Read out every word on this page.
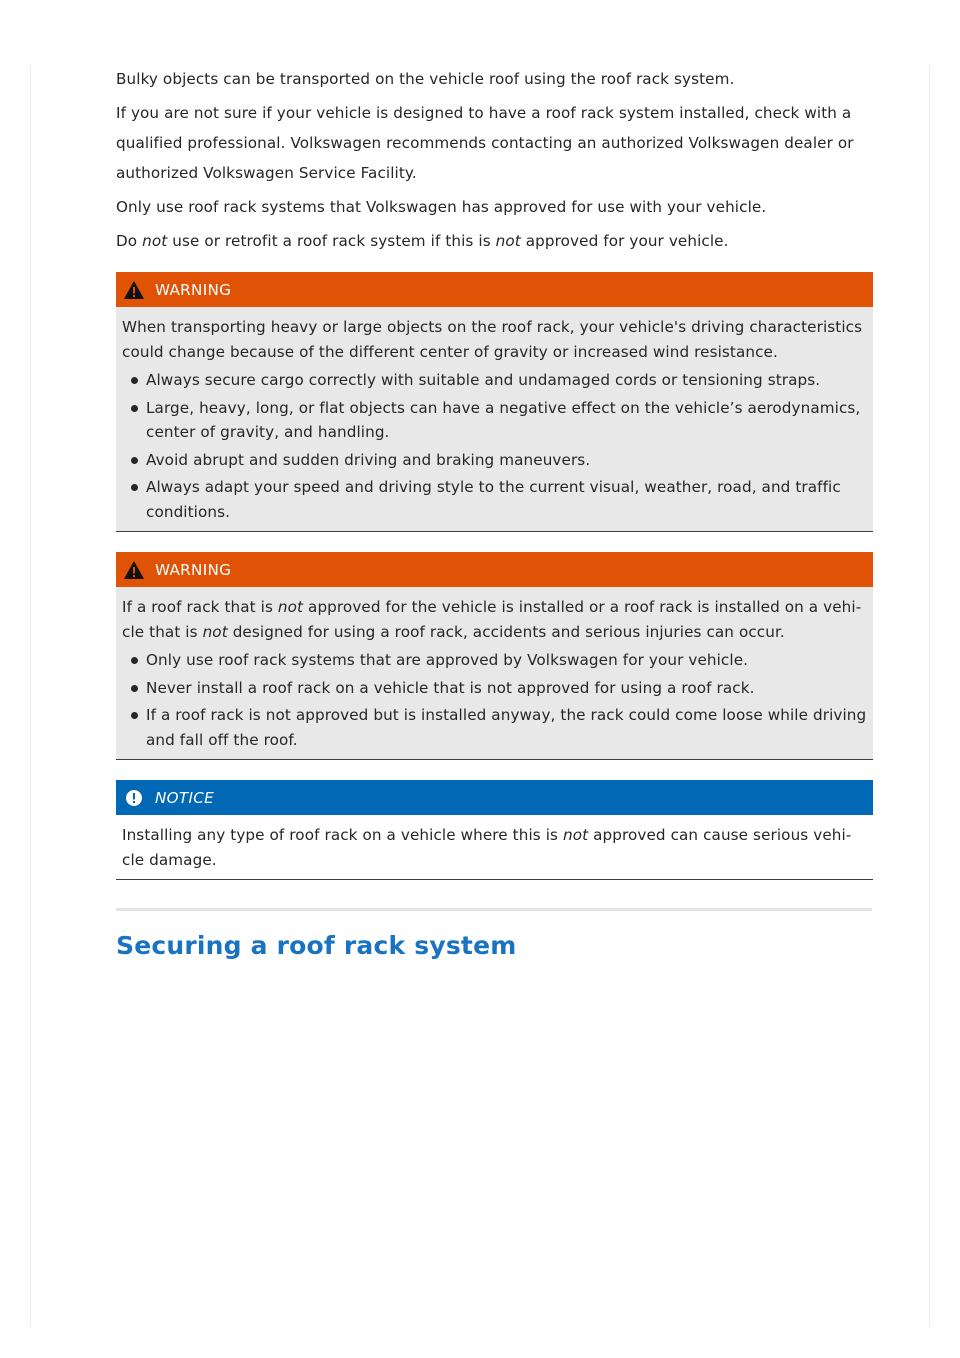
Bulky objects can be transported on the vehicle roof using the roof rack system.

If you are not sure if your vehicle is designed to have a roof rack system installed, check with a qualified professional. Volkswagen recommends contacting an authorized Volkswagen dealer or authorized Volkswagen Service Facility.

Only use roof rack systems that Volkswagen has approved for use with your vehicle.

Do not use or retrofit a roof rack system if this is not approved for your vehicle.

WARNING
When transporting heavy or large objects on the roof rack, your vehicle's driving characteristics could change because of the different center of gravity or increased wind resistance.
Always secure cargo correctly with suitable and undamaged cords or tensioning straps.
Large, heavy, long, or flat objects can have a negative effect on the vehicle’s aerodynamics, center of gravity, and handling.
Avoid abrupt and sudden driving and braking maneuvers.
Always adapt your speed and driving style to the current visual, weather, road, and traffic conditions.
WARNING
If a roof rack that is not approved for the vehicle is installed or a roof rack is installed on a vehi- cle that is not designed for using a roof rack, accidents and serious injuries can occur.
Only use roof rack systems that are approved by Volkswagen for your vehicle.
Never install a roof rack on a vehicle that is not approved for using a roof rack.
If a roof rack is not approved but is installed anyway, the rack could come loose while driving and fall off the roof.
NOTICE
Installing any type of roof rack on a vehicle where this is not approved can cause serious vehi- cle damage.
Securing a roof rack system
